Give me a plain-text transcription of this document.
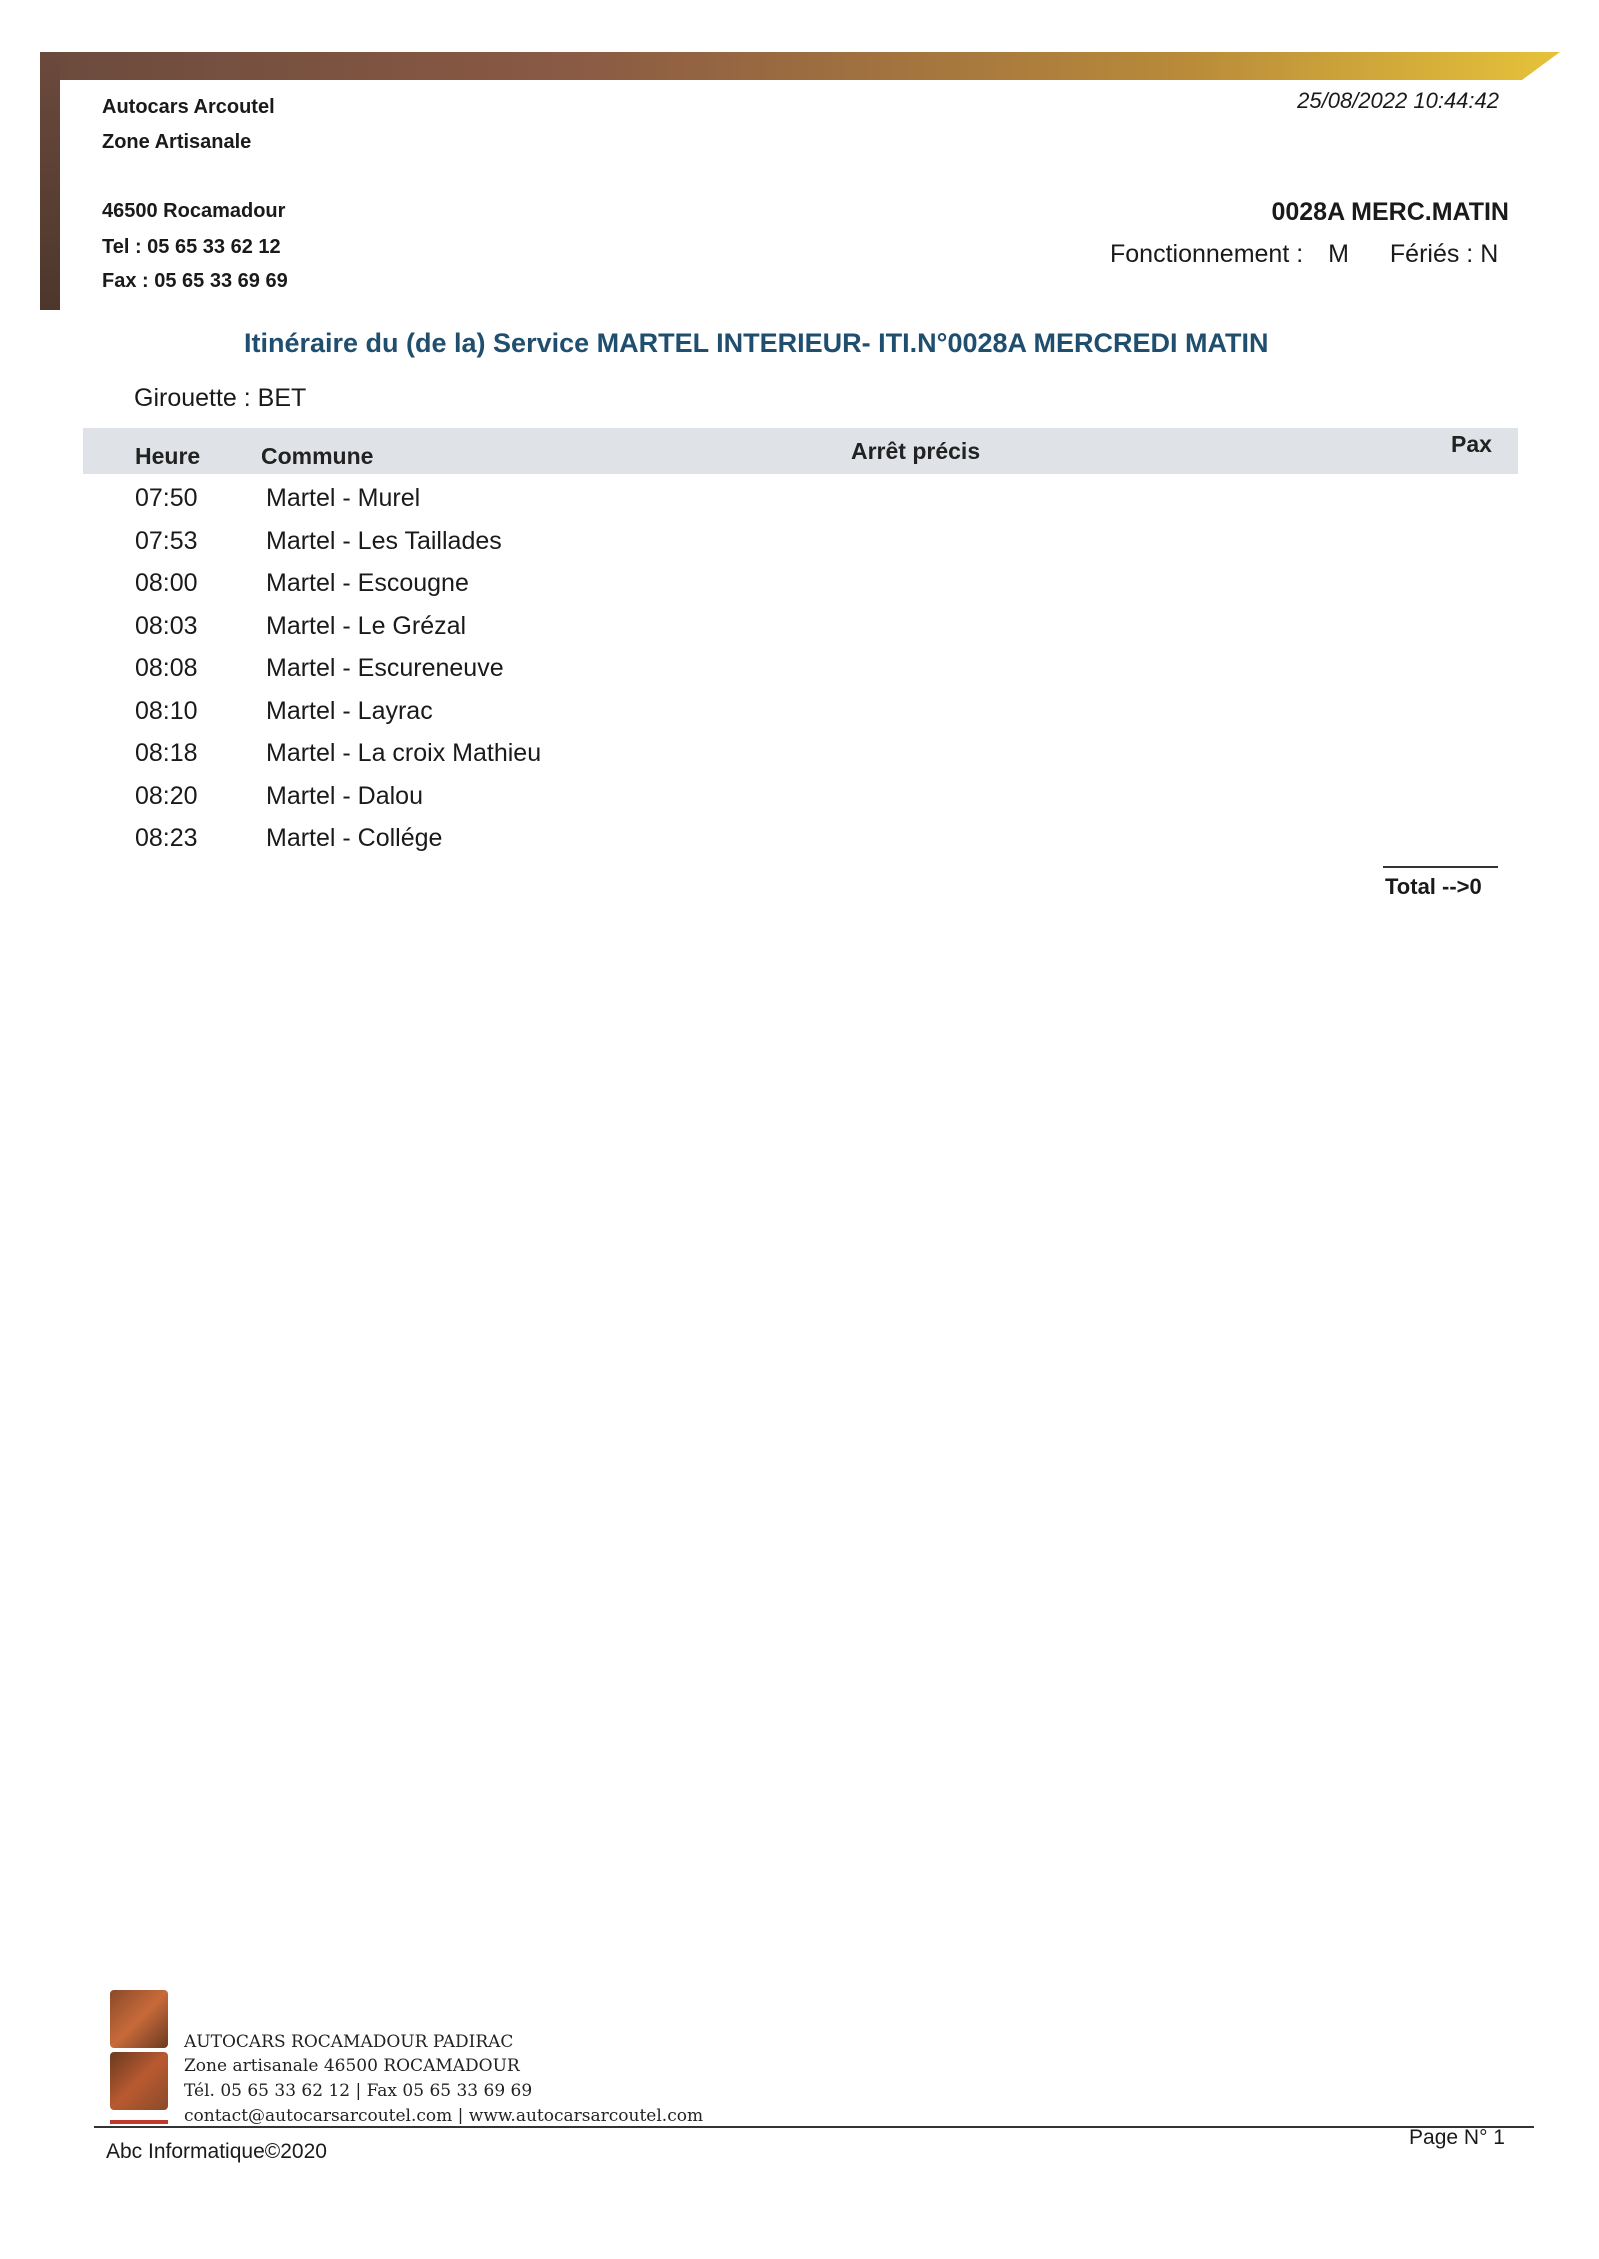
Autocars Arcoutel
Zone Artisanale
46500 Rocamadour
Tel : 05 65 33 62 12
Fax : 05 65 33 69 69
25/08/2022 10:44:42
0028A MERC.MATIN
Fonctionnement : M Fériés : N
Itinéraire du (de la) Service MARTEL INTERIEUR- ITI.N°0028A MERCREDI MATIN
Girouette : BET
Heure	Commune	Arrêt précis	Pax
07:50	Martel - Murel
07:53	Martel - Les Taillades
08:00	Martel - Escougne
08:03	Martel - Le Grézal
08:08	Martel - Escureneuve
08:10	Martel - Layrac
08:18	Martel - La croix Mathieu
08:20	Martel - Dalou
08:23	Martel - Collége
Total -->0
AUTOCARS ROCAMADOUR PADIRAC
Zone artisanale 46500 ROCAMADOUR
Tél. 05 65 33 62 12 | Fax 05 65 33 69 69
contact@autocarsarcoutel.com | www.autocarsarcoutel.com
Abc Informatique©2020
Page N° 1
